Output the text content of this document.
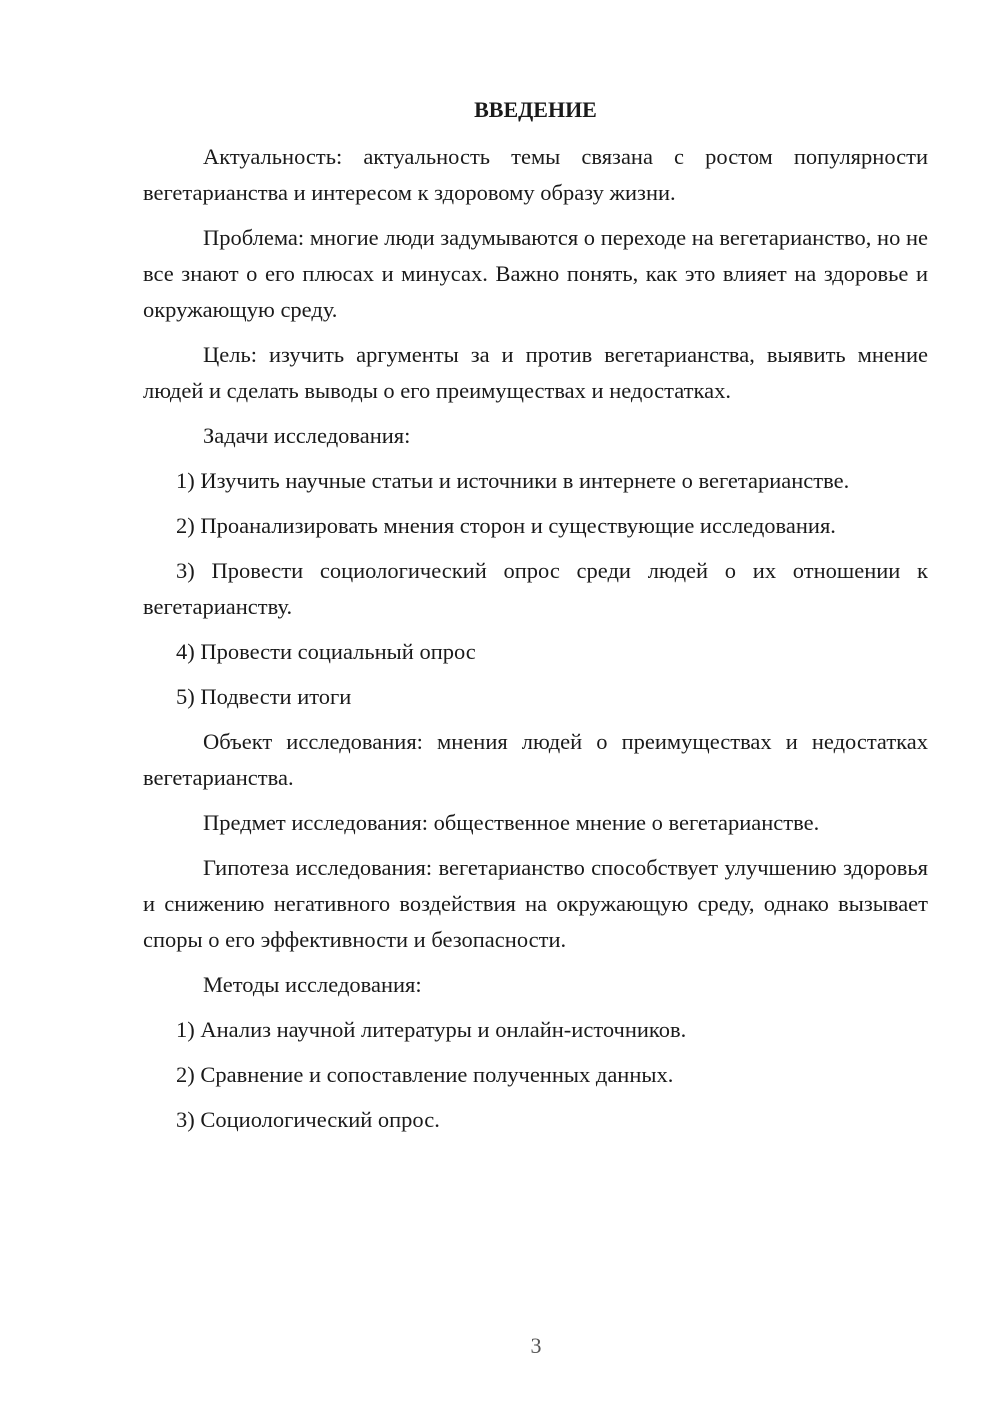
ВВЕДЕНИЕ

Актуальность: актуальность темы связана с ростом популярности вегетарианства и интересом к здоровому образу жизни.

Проблема: многие люди задумываются о переходе на вегетарианство, но не все знают о его плюсах и минусах. Важно понять, как это влияет на здоровье и окружающую среду.

Цель: изучить аргументы за и против вегетарианства, выявить мнение людей и сделать выводы о его преимуществах и недостатках.

Задачи исследования:

1) Изучить научные статьи и источники в интернете о вегетарианстве.

2) Проанализировать мнения сторон и существующие исследования.

3) Провести социологический опрос среди людей о их отношении к вегетарианству.

4) Провести социальный опрос

5) Подвести итоги

Объект исследования: мнения людей о преимуществах и недостатках вегетарианства.

Предмет исследования: общественное мнение о вегетарианстве.

Гипотеза исследования: вегетарианство способствует улучшению здоровья и снижению негативного воздействия на окружающую среду, однако вызывает споры о его эффективности и безопасности.

Методы исследования:

1) Анализ научной литературы и онлайн-источников.

2) Сравнение и сопоставление полученных данных.

3) Социологический опрос.

3
